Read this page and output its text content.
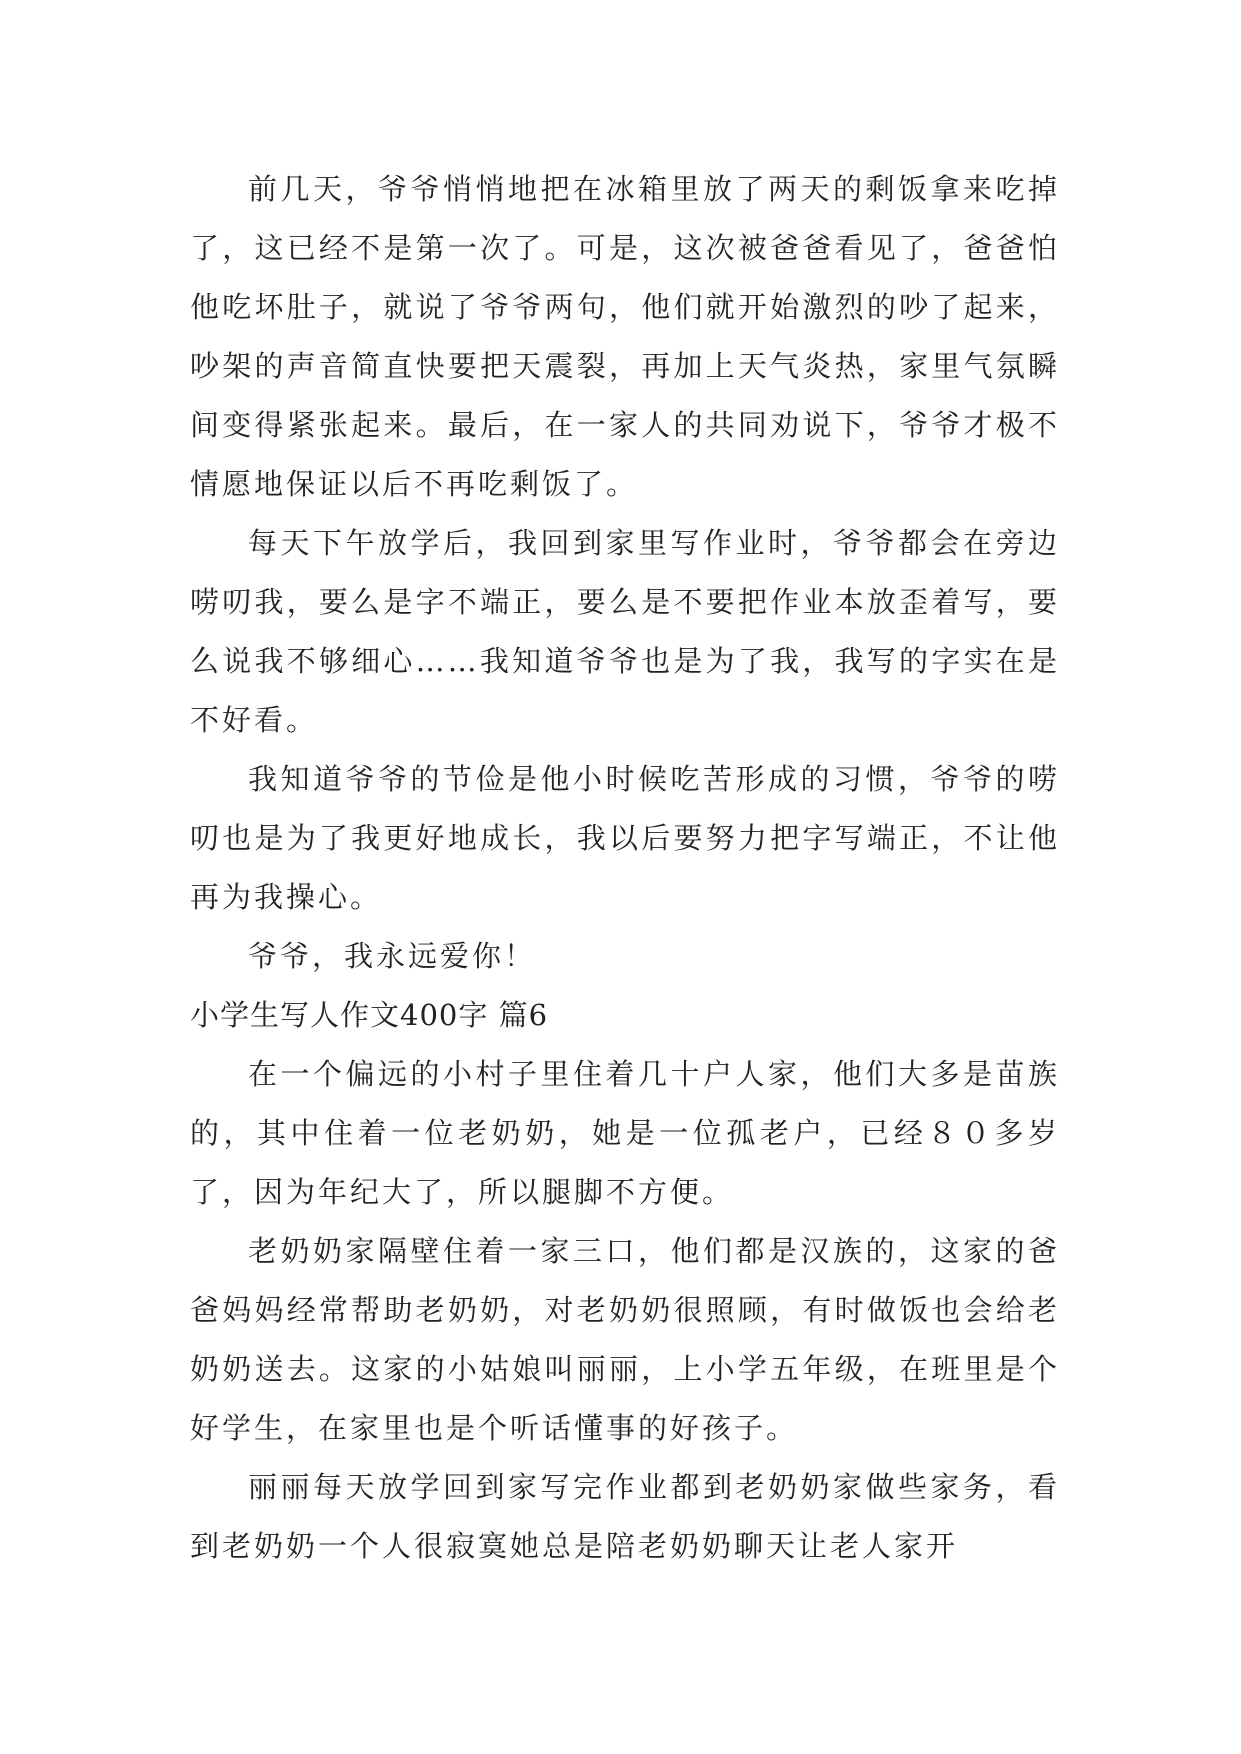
前几天，爷爷悄悄地把在冰箱里放了两天的剩饭拿来吃掉了，这已经不是第一次了。可是，这次被爸爸看见了，爸爸怕他吃坏肚子，就说了爷爷两句，他们就开始激烈的吵了起来，吵架的声音简直快要把天震裂，再加上天气炎热，家里气氛瞬间变得紧张起来。最后，在一家人的共同劝说下，爷爷才极不情愿地保证以后不再吃剩饭了。

每天下午放学后，我回到家里写作业时，爷爷都会在旁边唠叨我，要么是字不端正，要么是不要把作业本放歪着写，要么说我不够细心……我知道爷爷也是为了我，我写的字实在是不好看。

我知道爷爷的节俭是他小时候吃苦形成的习惯，爷爷的唠叨也是为了我更好地成长，我以后要努力把字写端正，不让他再为我操心。

爷爷，我永远爱你！

小学生写人作文400字 篇6

在一个偏远的小村子里住着几十户人家，他们大多是苗族的，其中住着一位老奶奶，她是一位孤老户，已经８０多岁了，因为年纪大了，所以腿脚不方便。

老奶奶家隔壁住着一家三口，他们都是汉族的，这家的爸爸妈妈经常帮助老奶奶，对老奶奶很照顾，有时做饭也会给老奶奶送去。这家的小姑娘叫丽丽，上小学五年级，在班里是个好学生，在家里也是个听话懂事的好孩子。

丽丽每天放学回到家写完作业都到老奶奶家做些家务，看到老奶奶一个人很寂寞她总是陪老奶奶聊天让老人家开
